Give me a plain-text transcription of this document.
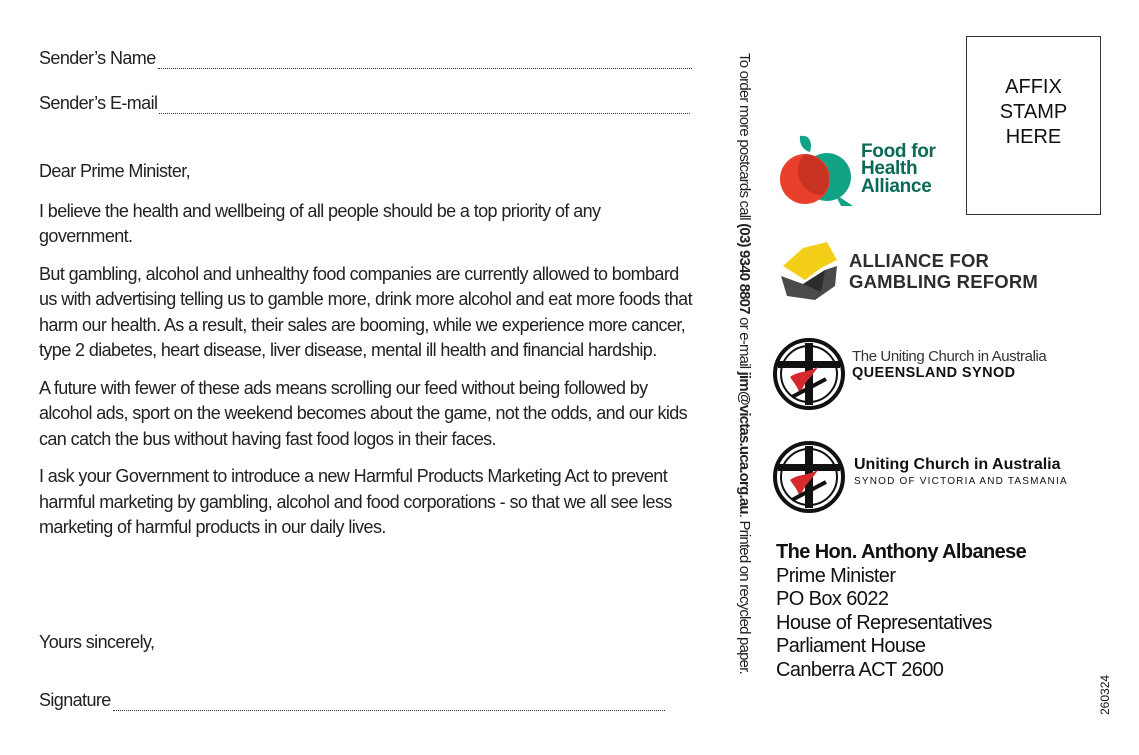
Sender’s Name
Sender’s E-mail

Dear Prime Minister,

I believe the health and wellbeing of all people should be a top priority of any government.

But gambling, alcohol and unhealthy food companies are currently allowed to bombard us with advertising telling us to gamble more, drink more alcohol and eat more foods that harm our health. As a result, their sales are booming, while we experience more cancer, type 2 diabetes, heart disease, liver disease, mental ill health and financial hardship.

A future with fewer of these ads means scrolling our feed without being followed by alcohol ads, sport on the weekend becomes about the game, not the odds, and our kids can catch the bus without having fast food logos in their faces.

I ask your Government to introduce a new Harmful Products Marketing Act to prevent harmful marketing by gambling, alcohol and food corporations - so that we all see less marketing of harmful products in our daily lives.

Yours sincerely,
Signature
To order more postcards call (03) 9340 8807 or e-mail jim@victas.uca.org.au. Printed on recycled paper.
AFFIX
STAMP
HERE
Food for
Health
Alliance
ALLIANCE FOR
GAMBLING REFORM
The Uniting Church in Australia
QUEENSLAND SYNOD
Uniting Church in Australia
SYNOD OF VICTORIA AND TASMANIA
The Hon. Anthony Albanese
Prime Minister
PO Box 6022
House of Representatives
Parliament House
Canberra ACT 2600
260324
